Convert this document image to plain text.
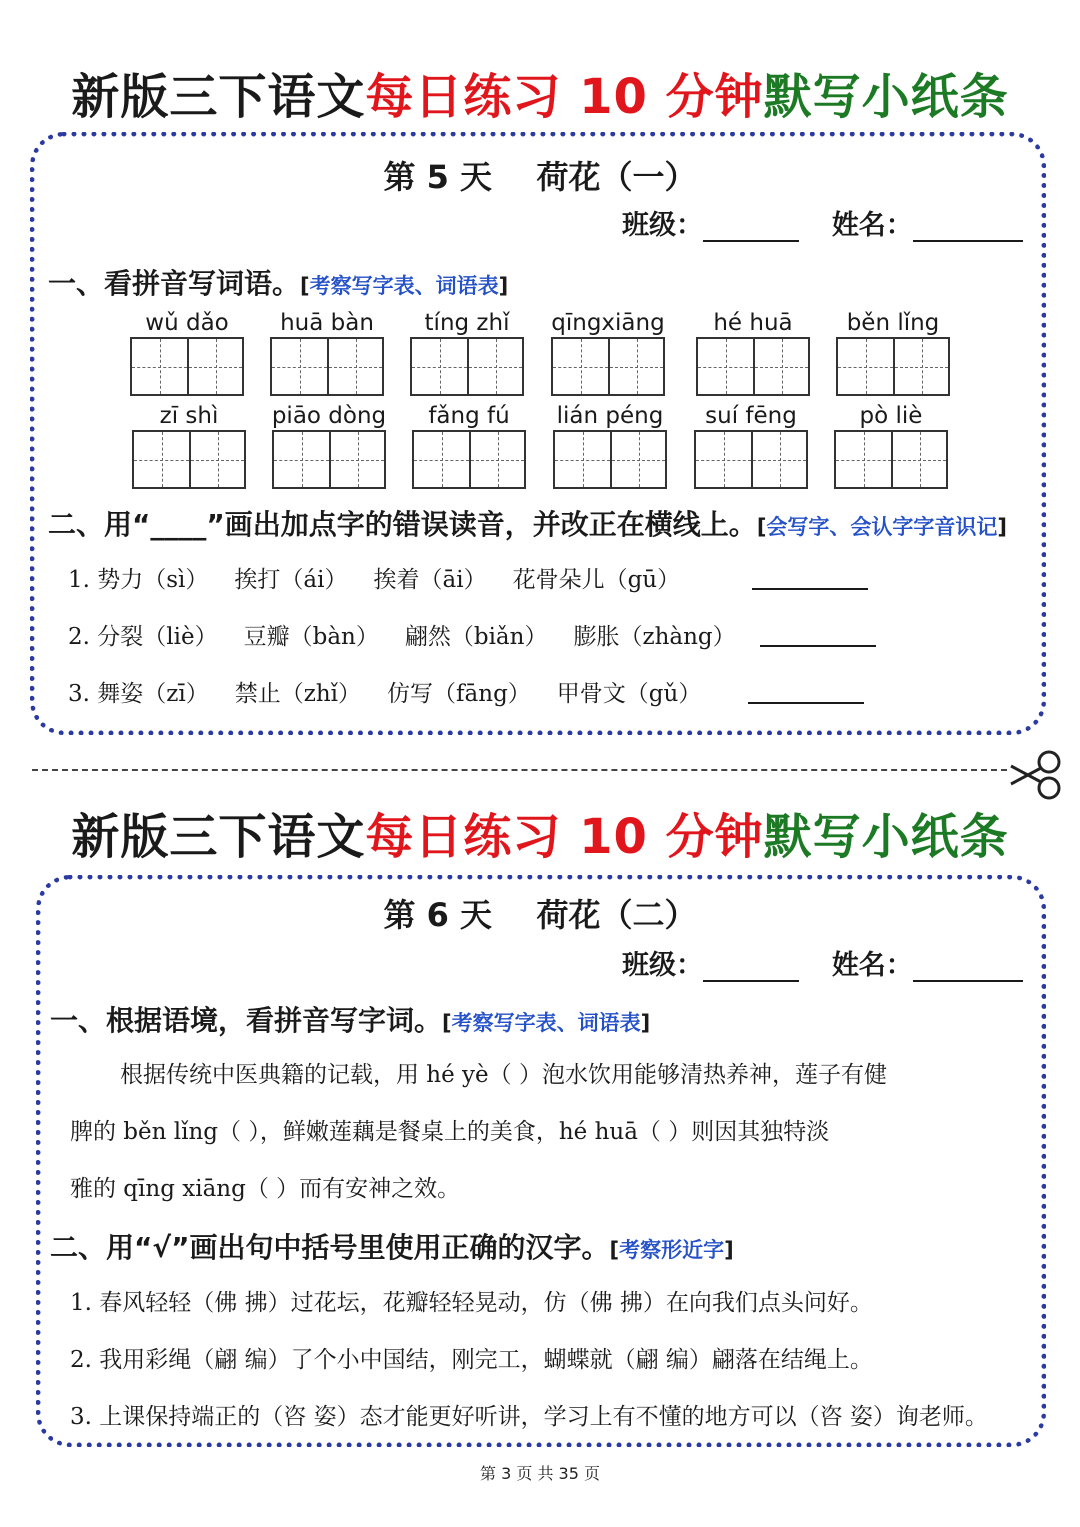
新版三下语文每日练习 10 分钟默写小纸条
第 5 天    荷花（一）
班级：	姓名：
一、看拼音写词语。[考察写字表、词语表]
wǔ dǎo	huā bàn	tíng zhǐ	qīngxiāng	hé huā	běn lǐng
zī shì	piāo dòng	fǎng fú	lián péng	suí fēng	pò liè
二、用“____”画出加点字的错误读音，并改正在横线上。[会写字、会认字字音识记]
1. 势力（sì） 挨打（ái） 挨着（āi） 花骨朵儿（gū）
2. 分裂（liè） 豆瓣（bàn） 翩然（biǎn） 膨胀（zhàng）
3. 舞姿（zī） 禁止（zhǐ） 仿写（fāng） 甲骨文（gǔ）
新版三下语文每日练习 10 分钟默写小纸条
第 6 天    荷花（二）
班级：	姓名：
一、根据语境，看拼音写字词。[考察写字表、词语表]
根据传统中医典籍的记载，用 hé yè（ ）泡水饮用能够清热养神，莲子有健
脾的 běn lǐng（ ），鲜嫩莲藕是餐桌上的美食，hé huā（ ）则因其独特淡
雅的 qīng xiāng（ ）而有安神之效。
二、用“√”画出句中括号里使用正确的汉字。[考察形近字]
1. 春风轻轻（佛 拂）过花坛，花瓣轻轻晃动，仿（佛 拂）在向我们点头问好。
2. 我用彩绳（翩 编）了个小中国结，刚完工，蝴蝶就（翩 编）翩落在结绳上。
3. 上课保持端正的（咨 姿）态才能更好听讲，学习上有不懂的地方可以（咨 姿）询老师。
第 3 页 共 35 页
